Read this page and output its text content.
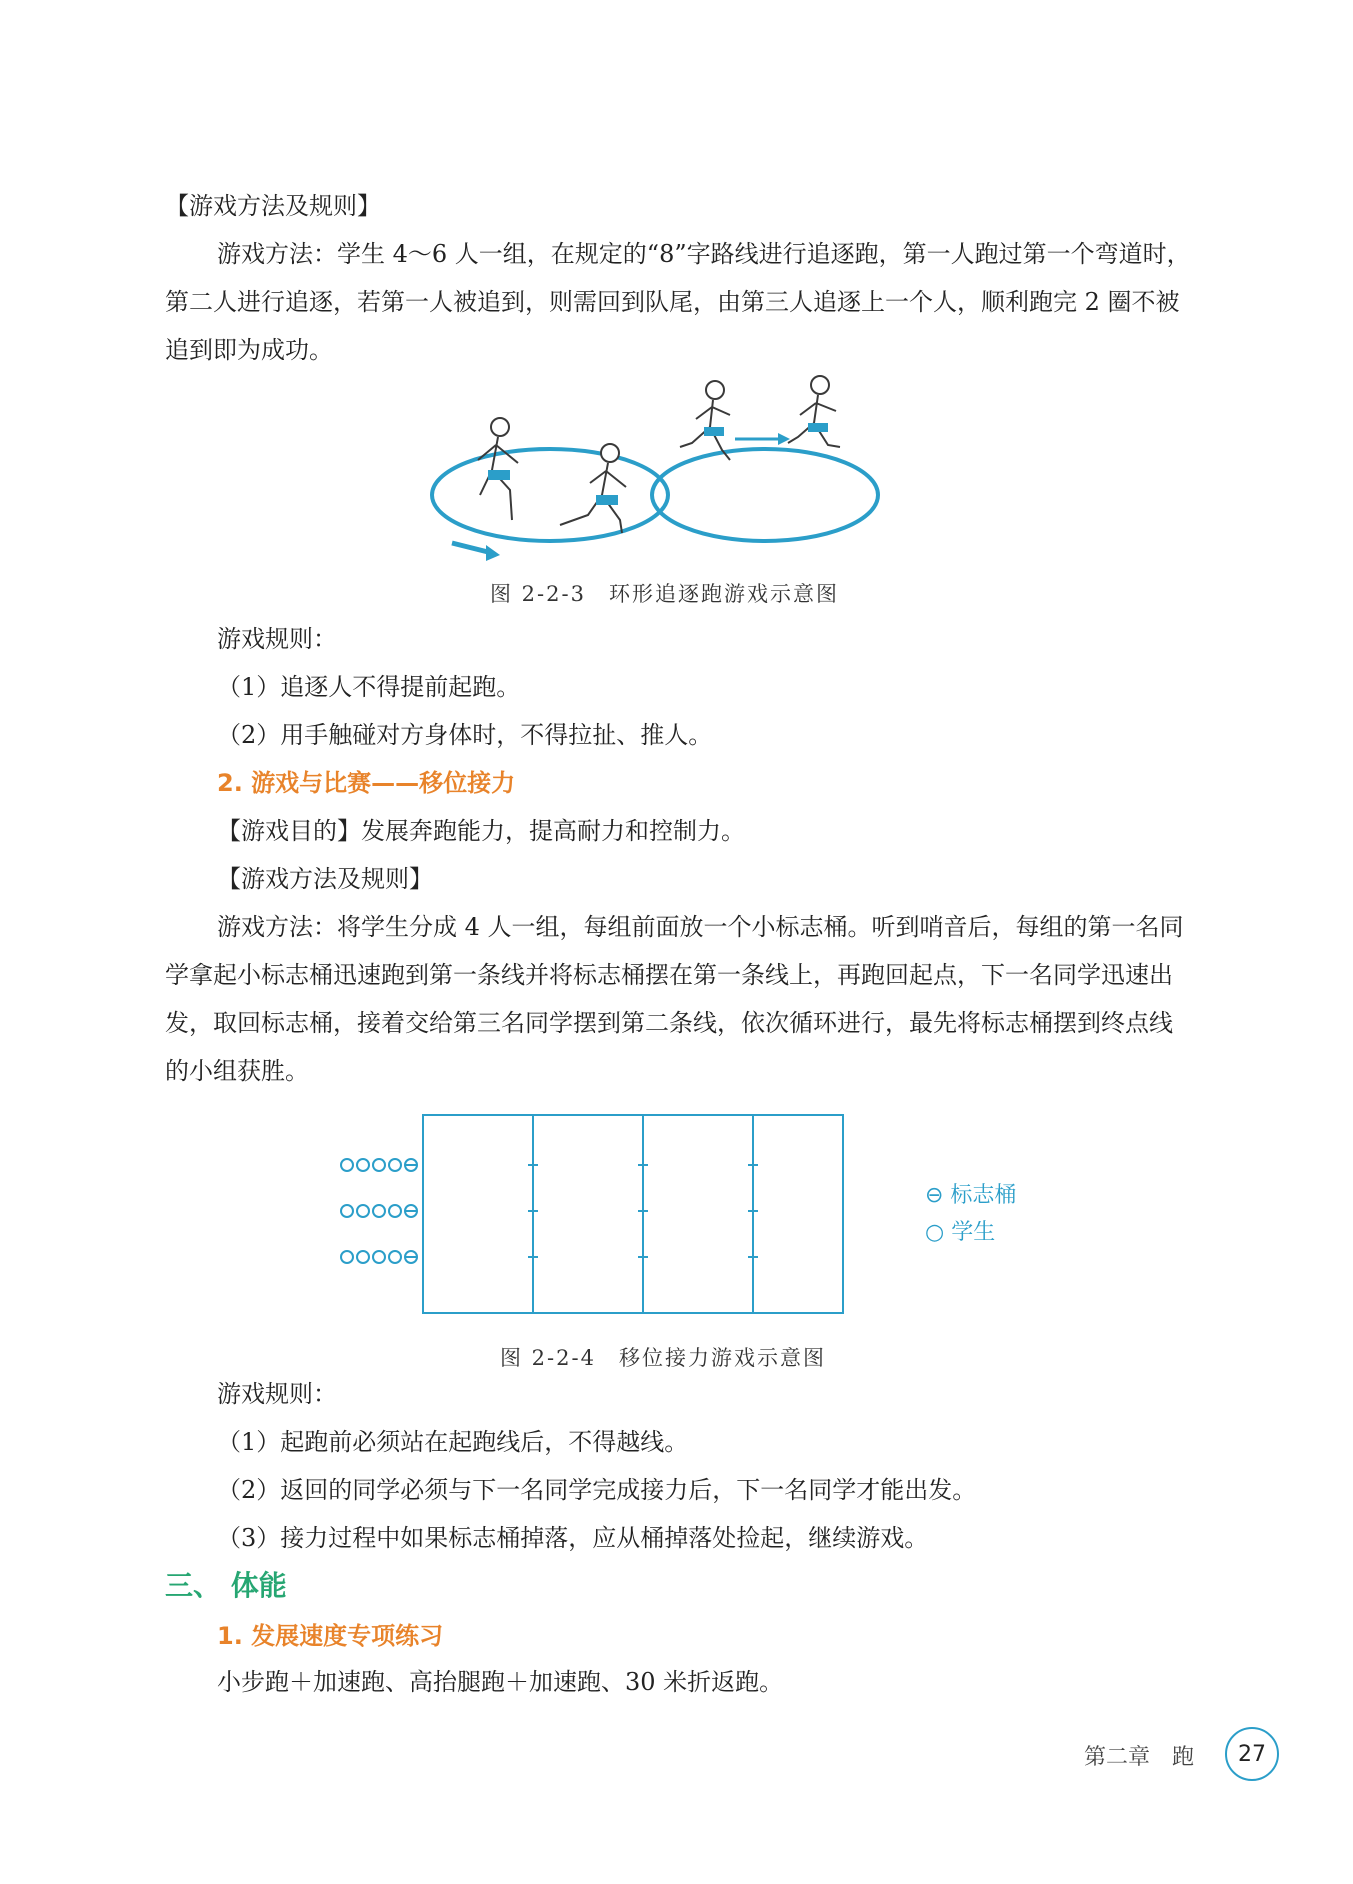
【游戏方法及规则】

游戏方法：学生 4～6 人一组，在规定的“8”字路线进行追逐跑，第一人跑过第一个弯道时，第二人进行追逐，若第一人被追到，则需回到队尾，由第三人追逐上一个人，顺利跑完 2 圈不被追到即为成功。

图 2-2-3　环形追逐跑游戏示意图

游戏规则：

（1）追逐人不得提前起跑。

（2）用手触碰对方身体时，不得拉扯、推人。

2. 游戏与比赛——移位接力

【游戏目的】发展奔跑能力，提高耐力和控制力。

【游戏方法及规则】

游戏方法：将学生分成 4 人一组，每组前面放一个小标志桶。听到哨音后，每组的第一名同学拿起小标志桶迅速跑到第一条线并将标志桶摆在第一条线上，再跑回起点，下一名同学迅速出发，取回标志桶，接着交给第三名同学摆到第二条线，依次循环进行，最先将标志桶摆到终点线的小组获胜。

⊖ 标志桶
○ 学生
图 2-2-4　移位接力游戏示意图

游戏规则：

（1）起跑前必须站在起跑线后，不得越线。

（2）返回的同学必须与下一名同学完成接力后，下一名同学才能出发。

（3）接力过程中如果标志桶掉落，应从桶掉落处捡起，继续游戏。

三、 体能

1. 发展速度专项练习

小步跑＋加速跑、高抬腿跑＋加速跑、30 米折返跑。

第二章　跑	27
